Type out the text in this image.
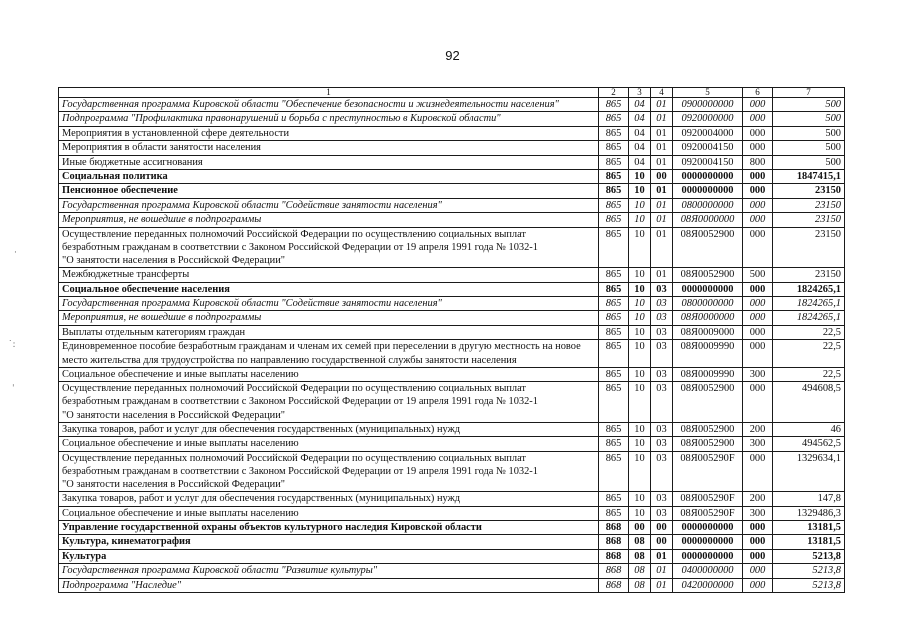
92
·
˙:
ˈ
1	2	3	4	5	6	7
Государственная программа Кировской области "Обеспечение безопасности и жизнедеятельности населения"	865	04	01	0900000000	000	500
Подпрограмма "Профилактика правонарушений и борьба с преступностью в Кировской области"	865	04	01	0920000000	000	500
Мероприятия в установленной сфере деятельности	865	04	01	0920004000	000	500
Мероприятия в области занятости населения	865	04	01	0920004150	000	500
Иные бюджетные ассигнования	865	04	01	0920004150	800	500
Социальная политика	865	10	00	0000000000	000	1847415,1
Пенсионное обеспечение	865	10	01	0000000000	000	23150
Государственная программа Кировской области "Содействие занятости населения"	865	10	01	0800000000	000	23150
Мероприятия, не вошедшие в подпрограммы	865	10	01	08Я0000000	000	23150
Осуществление переданных полномочий Российской Федерации по осуществлению социальных выплат
безработным гражданам в соответствии с Законом Российской Федерации от 19 апреля 1991 года № 1032-1
"О занятости населения в Российской Федерации"	865	10	01	08Я0052900	000	23150
Межбюджетные трансферты	865	10	01	08Я0052900	500	23150
Социальное обеспечение населения	865	10	03	0000000000	000	1824265,1
Государственная программа Кировской области "Содействие занятости населения"	865	10	03	0800000000	000	1824265,1
Мероприятия, не вошедшие в подпрограммы	865	10	03	08Я0000000	000	1824265,1
Выплаты отдельным категориям граждан	865	10	03	08Я0009000	000	22,5
Единовременное пособие безработным гражданам и членам их семей при переселении в другую местность на новое
место жительства для трудоустройства по направлению государственной службы занятости населения	865	10	03	08Я0009990	000	22,5
Социальное обеспечение и иные выплаты населению	865	10	03	08Я0009990	300	22,5
Осуществление переданных полномочий Российской Федерации по осуществлению социальных выплат
безработным гражданам в соответствии с Законом Российской Федерации от 19 апреля 1991 года № 1032-1
"О занятости населения в Российской Федерации"	865	10	03	08Я0052900	000	494608,5
Закупка товаров, работ и услуг для обеспечения государственных (муниципальных) нужд	865	10	03	08Я0052900	200	46
Социальное обеспечение и иные выплаты населению	865	10	03	08Я0052900	300	494562,5
Осуществление переданных полномочий Российской Федерации по осуществлению социальных выплат
безработным гражданам в соответствии с Законом Российской Федерации от 19 апреля 1991 года № 1032-1
"О занятости населения в Российской Федерации"	865	10	03	08Я005290F	000	1329634,1
Закупка товаров, работ и услуг для обеспечения государственных (муниципальных) нужд	865	10	03	08Я005290F	200	147,8
Социальное обеспечение и иные выплаты населению	865	10	03	08Я005290F	300	1329486,3
Управление государственной охраны объектов культурного наследия Кировской области	868	00	00	0000000000	000	13181,5
Культура, кинематография	868	08	00	0000000000	000	13181,5
Культура	868	08	01	0000000000	000	5213,8
Государственная программа Кировской области "Развитие культуры"	868	08	01	0400000000	000	5213,8
Подпрограмма "Наследие"	868	08	01	0420000000	000	5213,8
